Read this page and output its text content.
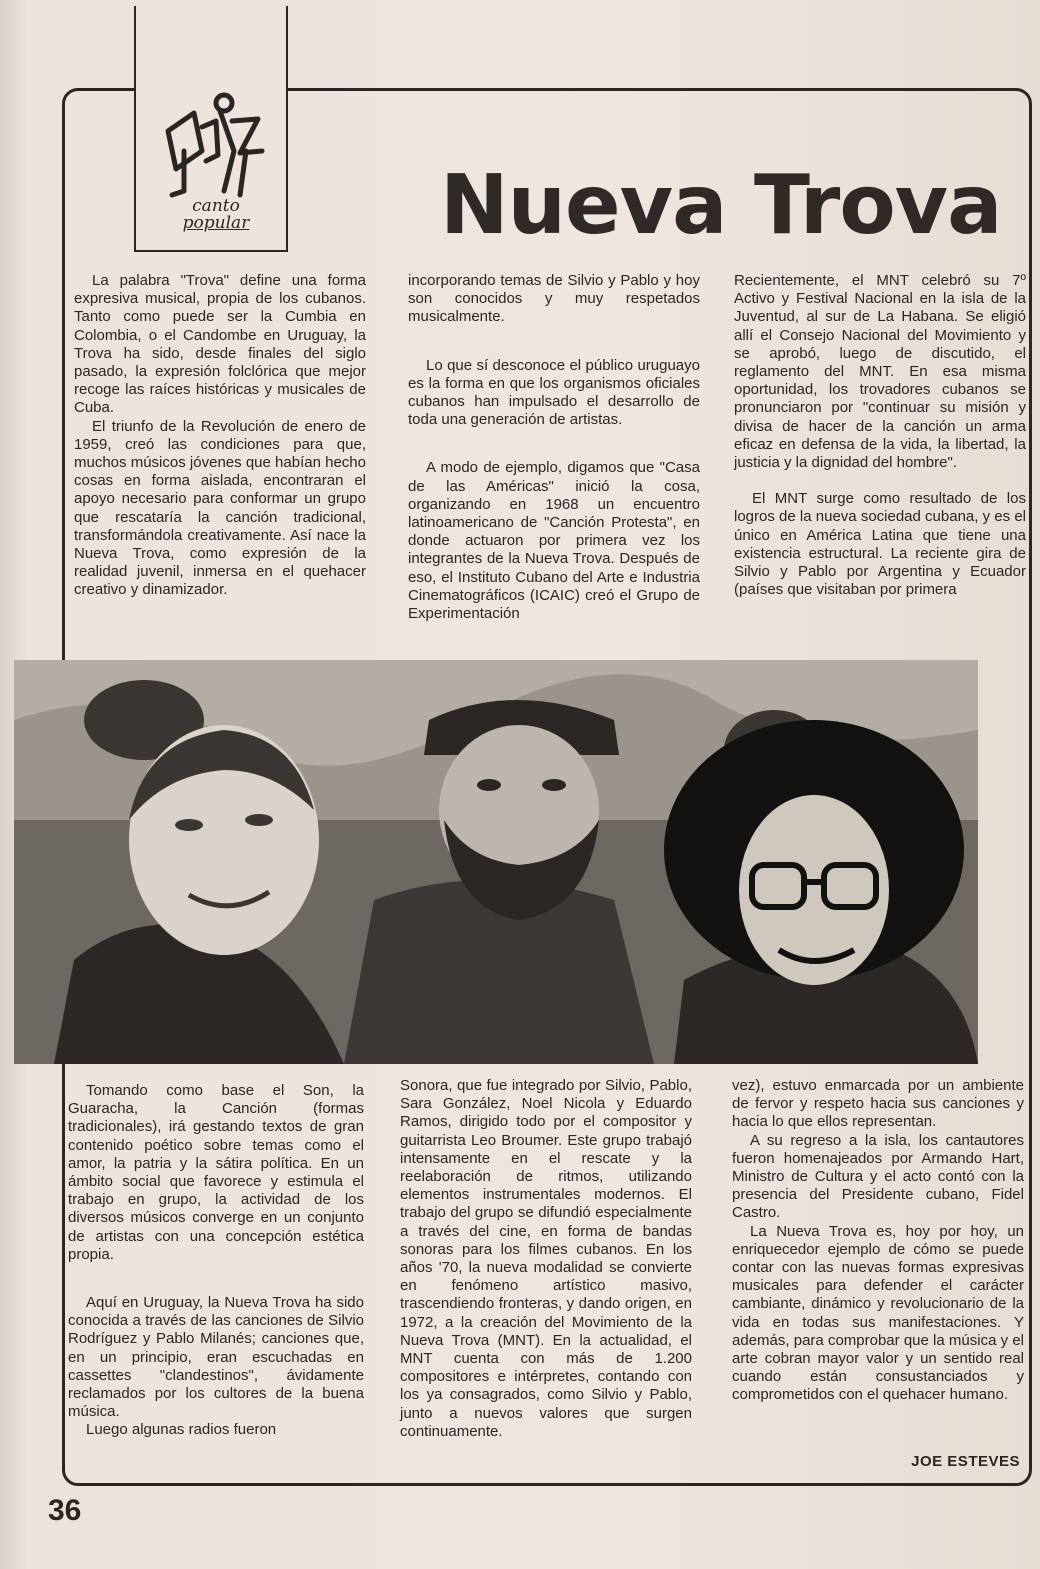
canto
popular	Nueva Trova

La palabra "Trova" define una forma expresiva musical, propia de los cubanos. Tanto como puede ser la Cumbia en Colombia, o el Candombe en Uruguay, la Trova ha sido, desde finales del siglo pasado, la expresión folclórica que mejor recoge las raíces históricas y musicales de Cuba.

El triunfo de la Revolución de enero de 1959, creó las condiciones para que, muchos músicos jóvenes que habían hecho cosas en forma aislada, encontraran el apoyo necesario para conformar un grupo que rescataría la canción tradicional, transformándola creativamente. Así nace la Nueva Trova, como expresión de la realidad juvenil, inmersa en el quehacer creativo y dinamizador.

incorporando temas de Silvio y Pablo y hoy son conocidos y muy respetados musicalmente.

Lo que sí desconoce el público uruguayo es la forma en que los organismos oficiales cubanos han impulsado el desarrollo de toda una generación de artistas.

A modo de ejemplo, digamos que "Casa de las Américas" inició la cosa, organizando en 1968 un encuentro latinoamericano de "Canción Protesta", en donde actuaron por primera vez los integrantes de la Nueva Trova. Después de eso, el Instituto Cubano del Arte e Industria Cinematográficos (ICAIC) creó el Grupo de Experimentación

Recientemente, el MNT celebró su 7º Activo y Festival Nacional en la isla de la Juventud, al sur de La Habana. Se eligió allí el Consejo Nacional del Movimiento y se aprobó, luego de discutido, el reglamento del MNT. En esa misma oportunidad, los trovadores cubanos se pronunciaron por "continuar su misión y divisa de hacer de la canción un arma eficaz en defensa de la vida, la libertad, la justicia y la dignidad del hombre".

El MNT surge como resultado de los logros de la nueva sociedad cubana, y es el único en América Latina que tiene una existencia estructural. La reciente gira de Silvio y Pablo por Argentina y Ecuador (países que visitaban por primera

Tomando como base el Son, la Guaracha, la Canción (formas tradicionales), irá gestando textos de gran contenido poético sobre temas como el amor, la patria y la sátira política. En un ámbito social que favorece y estimula el trabajo en grupo, la actividad de los diversos músicos converge en un conjunto de artistas con una concepción estética propia.

Aquí en Uruguay, la Nueva Trova ha sido conocida a través de las canciones de Silvio Rodríguez y Pablo Milanés; canciones que, en un principio, eran escuchadas en cassettes "clandestinos", ávidamente reclamados por los cultores de la buena música.

Luego algunas radios fueron

Sonora, que fue integrado por Silvio, Pablo, Sara González, Noel Nicola y Eduardo Ramos, dirigido todo por el compositor y guitarrista Leo Broumer. Este grupo trabajó intensamente en el rescate y la reelaboración de ritmos, utilizando elementos instrumentales modernos. El trabajo del grupo se difundió especialmente a través del cine, en forma de bandas sonoras para los filmes cubanos. En los años '70, la nueva modalidad se convierte en fenómeno artístico masivo, trascendiendo fronteras, y dando origen, en 1972, a la creación del Movimiento de la Nueva Trova (MNT). En la actualidad, el MNT cuenta con más de 1.200 compositores e intérpretes, contando con los ya consagrados, como Silvio y Pablo, junto a nuevos valores que surgen continuamente.

vez), estuvo enmarcada por un ambiente de fervor y respeto hacia sus canciones y hacia lo que ellos representan.

A su regreso a la isla, los cantautores fueron homenajeados por Armando Hart, Ministro de Cultura y el acto contó con la presencia del Presidente cubano, Fidel Castro.

La Nueva Trova es, hoy por hoy, un enriquecedor ejemplo de cómo se puede contar con las nuevas formas expresivas musicales para defender el carácter cambiante, dinámico y revolucionario de la vida en todas sus manifestaciones. Y además, para comprobar que la música y el arte cobran mayor valor y un sentido real cuando están consustanciados y comprometidos con el quehacer humano.

JOE ESTEVES
36
